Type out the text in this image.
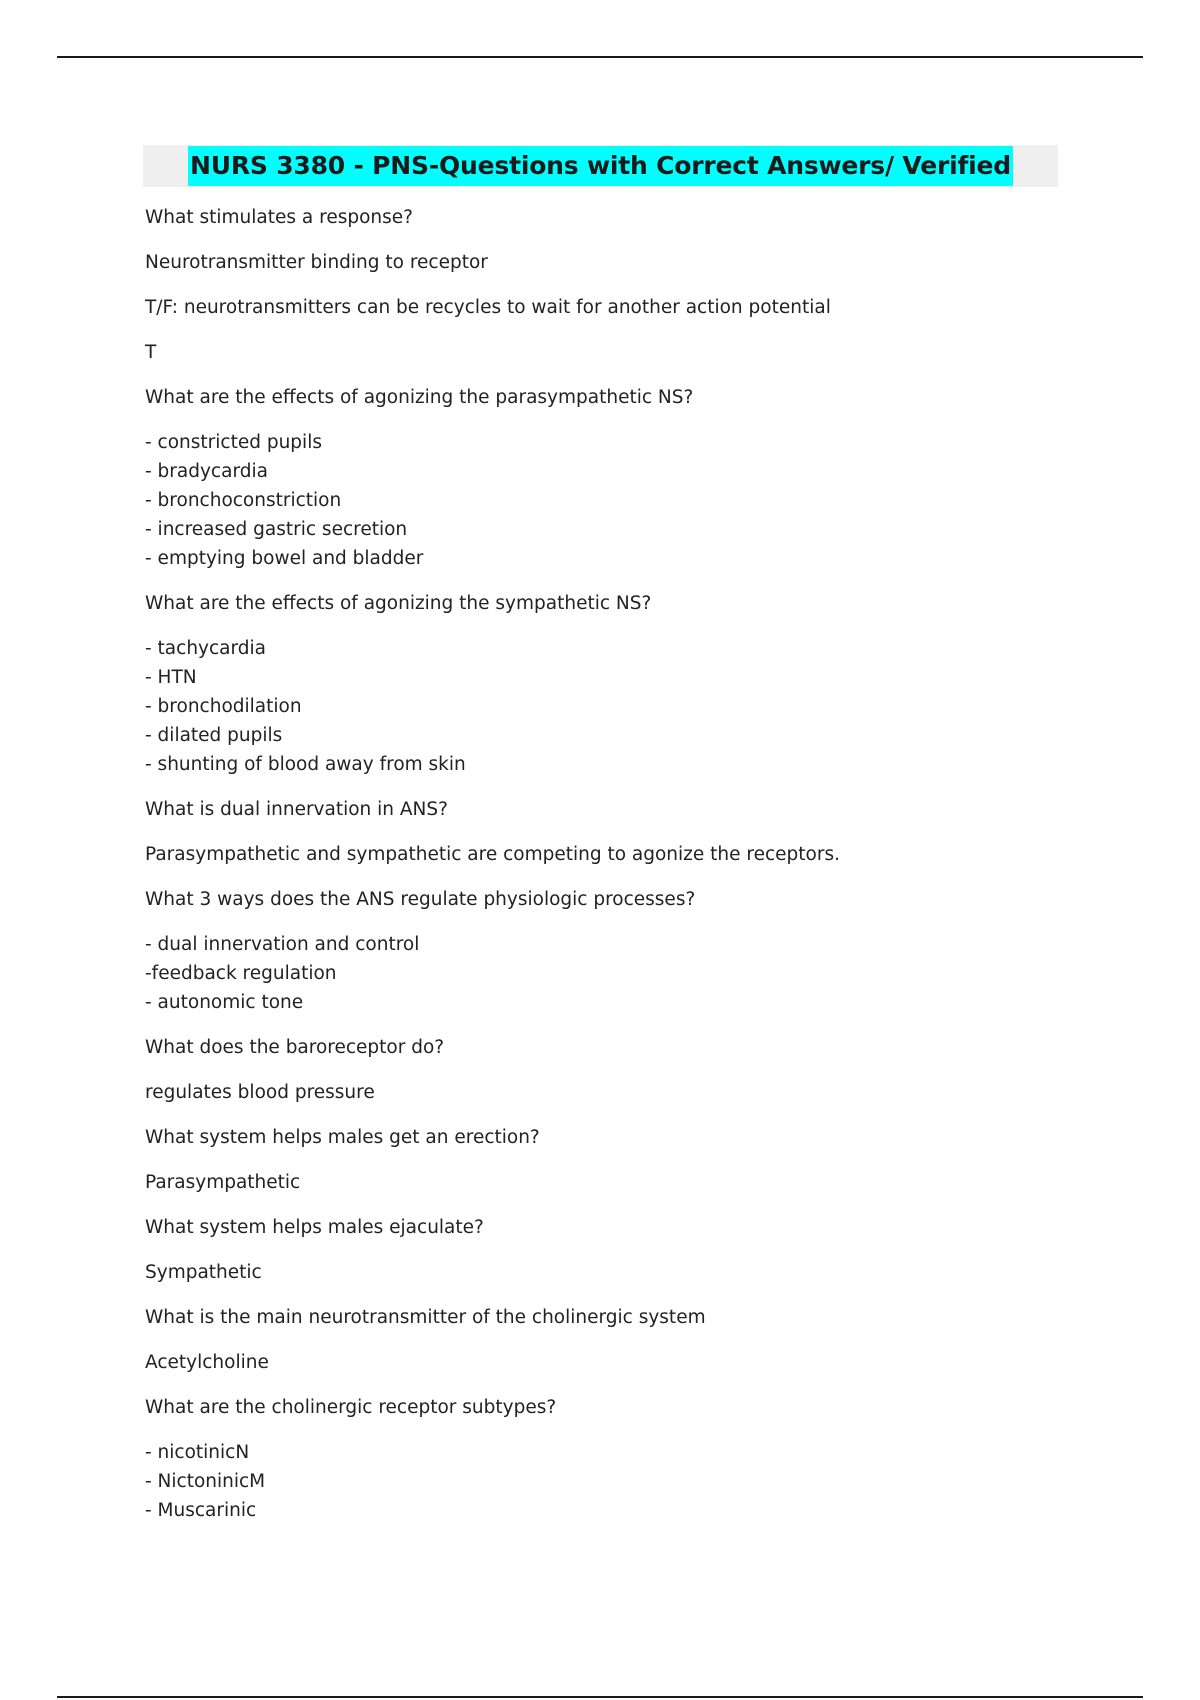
NURS 3380 - PNS-Questions with Correct Answers/ Verified
What stimulates a response?
Neurotransmitter binding to receptor
T/F: neurotransmitters can be recycles to wait for another action potential
T
What are the effects of agonizing the parasympathetic NS?
- constricted pupils
- bradycardia
- bronchoconstriction
- increased gastric secretion
- emptying bowel and bladder
What are the effects of agonizing the sympathetic NS?
- tachycardia
- HTN
- bronchodilation
- dilated pupils
- shunting of blood away from skin
What is dual innervation in ANS?
Parasympathetic and sympathetic are competing to agonize the receptors.
What 3 ways does the ANS regulate physiologic processes?
- dual innervation and control
-feedback regulation
- autonomic tone
What does the baroreceptor do?
regulates blood pressure
What system helps males get an erection?
Parasympathetic
What system helps males ejaculate?
Sympathetic
What is the main neurotransmitter of the cholinergic system
Acetylcholine
What are the cholinergic receptor subtypes?
- nicotinicN
- NictoninicM
- Muscarinic
